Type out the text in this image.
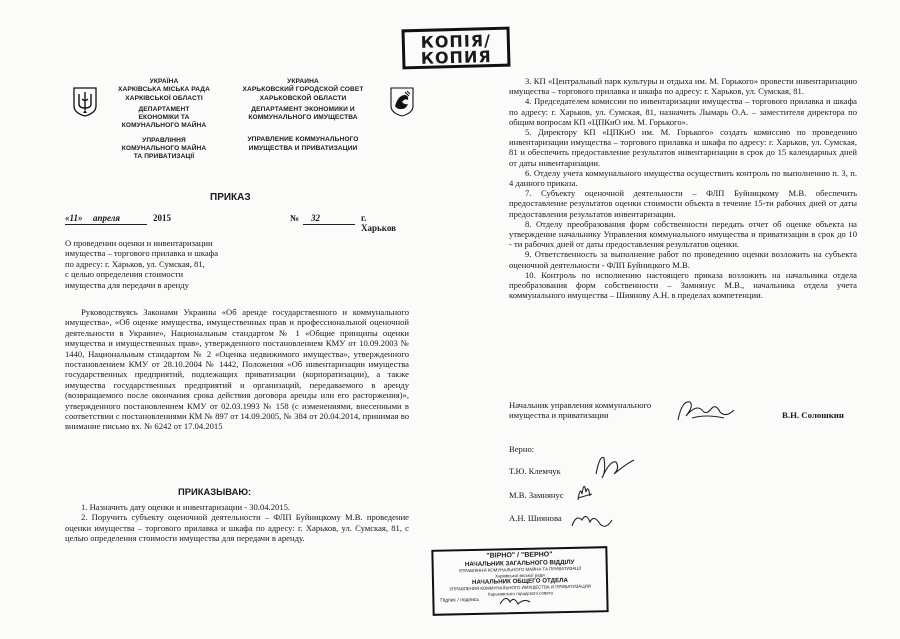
КОПІЯ/
КОПИЯ
УКРАЇНА
ХАРКІВСЬКА МІСЬКА РАДА
ХАРКІВСЬКОЇ ОБЛАСТІ
ДЕПАРТАМЕНТ
ЕКОНОМІКИ ТА
КОМУНАЛЬНОГО МАЙНА
УПРАВЛІННЯ
КОМУНАЛЬНОГО МАЙНА
ТА ПРИВАТИЗАЦІЇ
УКРАИНА
ХАРЬКОВСКИЙ ГОРОДСКОЙ СОВЕТ
ХАРЬКОВСКОЙ ОБЛАСТИ
ДЕПАРТАМЕНТ ЭКОНОМИКИ И
КОММУНАЛЬНОГО ИМУЩЕСТВА
УПРАВЛЕНИЕ КОММУНАЛЬНОГО
ИМУЩЕСТВА И ПРИВАТИЗАЦИИ
ПРИКАЗ
«11» апреля	2015	№ 32	г. Харьков
О проведении оценки и инвентаризации
имущества – торгового прилавка и шкафа
по адресу: г. Харьков, ул. Сумская, 81,
с целью определения стоимости
имущества для передачи в аренду

Руководствуясь Законами Украины «Об аренде государственного и коммунального имущества», «Об оценке имущества, имущественных прав и профессиональной оценочной деятельности в Украине», Национальным стандартом № 1 «Общие принципы оценки имущества и имущественных прав», утвержденного постановлением КМУ от 10.09.2003 № 1440, Национальным стандартом № 2 «Оценка недвижимого имущества», утвержденного постановлением КМУ от 28.10.2004 № 1442, Положения «Об инвентаризации имущества государственных предприятий, подлежащих приватизации (корпоратизации), а также имущества государственных предприятий и организаций, передаваемого в аренду (возвращаемого после окончания срока действия договора аренды или его расторжения)», утвержденного постановлением КМУ от 02.03.1993 № 158 (с изменениями, внесенными в соответствии с постановлениями КМ № 897 от 14.09.2005, № 384 от 20.04.2014, принимая во внимание письмо вх. № 6242 от 17.04.2015

ПРИКАЗЫВАЮ:

1. Назначить дату оценки и инвентаризации - 30.04.2015.

2. Поручить субъекту оценочной деятельности – ФЛП Буйницкому М.В. проведение оценки имущества – торгового прилавка и шкафа по адресу: г. Харьков, ул. Сумская, 81, с целью определения стоимости имущества для передачи в аренду.

3. КП «Центральный парк культуры и отдыха им. М. Горького» провести инвентаризацию имущества – торгового прилавка и шкафа по адресу: г. Харьков, ул. Сумская, 81.

4. Председателем комиссии по инвентаризации имущества – торгового прилавка и шкафа по адресу: г. Харьков, ул. Сумская, 81, назначить Лымарь О.А. – заместителя директора по общим вопросам КП «ЦПКиО им. М. Горького».

5. Директору КП «ЦПКиО им. М. Горького» создать комиссию по проведению инвентаризации имущества – торгового прилавка и шкафа по адресу: г. Харьков, ул. Сумская, 81 и обеспечить предоставление результатов инвентаризации в срок до 15 календарных дней от даты инвентаризации.

6. Отделу учета коммунального имущества осуществить контроль по выполнению п. 3, п. 4 данного приказа.

7. Субъекту оценочной деятельности – ФЛП Буйницкому М.В. обеспечить предоставление результатов оценки стоимости объекта в течение 15-ти рабочих дней от даты предоставления результатов инвентаризации.

8. Отделу преобразования форм собственности передать отчет об оценке объекта на утверждение начальнику Управления коммунального имущества и приватизации в срок до 10 - ти рабочих дней от даты предоставления результатов оценки.

9. Ответственность за выполнение работ по проведению оценки возложить на субъекта оценочной деятельности - ФЛП Буйницкого М.В.

10. Контроль по исполнению настоящего приказа возложить на начальника отдела преобразования форм собственности – Замнянус М.В., начальника отдела учета коммунального имущества – Шиянову А.Н. в пределах компетенции.

Начальник управления коммунального
имущества и приватизации	В.Н. Солошкин
Верно:
Т.Ю. Клемчук
М.В. Замнянус
А.Н. Шиянова
"ВІРНО" / "ВЕРНО"
НАЧАЛЬНИК ЗАГАЛЬНОГО ВІДДІЛУ
УПРАВЛІННЯ КОМУНАЛЬНОГО МАЙНА ТА ПРИВАТИЗАЦІЇ
Харківської міської ради
НАЧАЛЬНИК ОБЩЕГО ОТДЕЛА
УПРАВЛЕНИЯ КОММУНАЛЬНОГО ИМУЩЕСТВА И ПРИВАТИЗАЦИИ
Харьковского городского совета
Підпис / подпись
